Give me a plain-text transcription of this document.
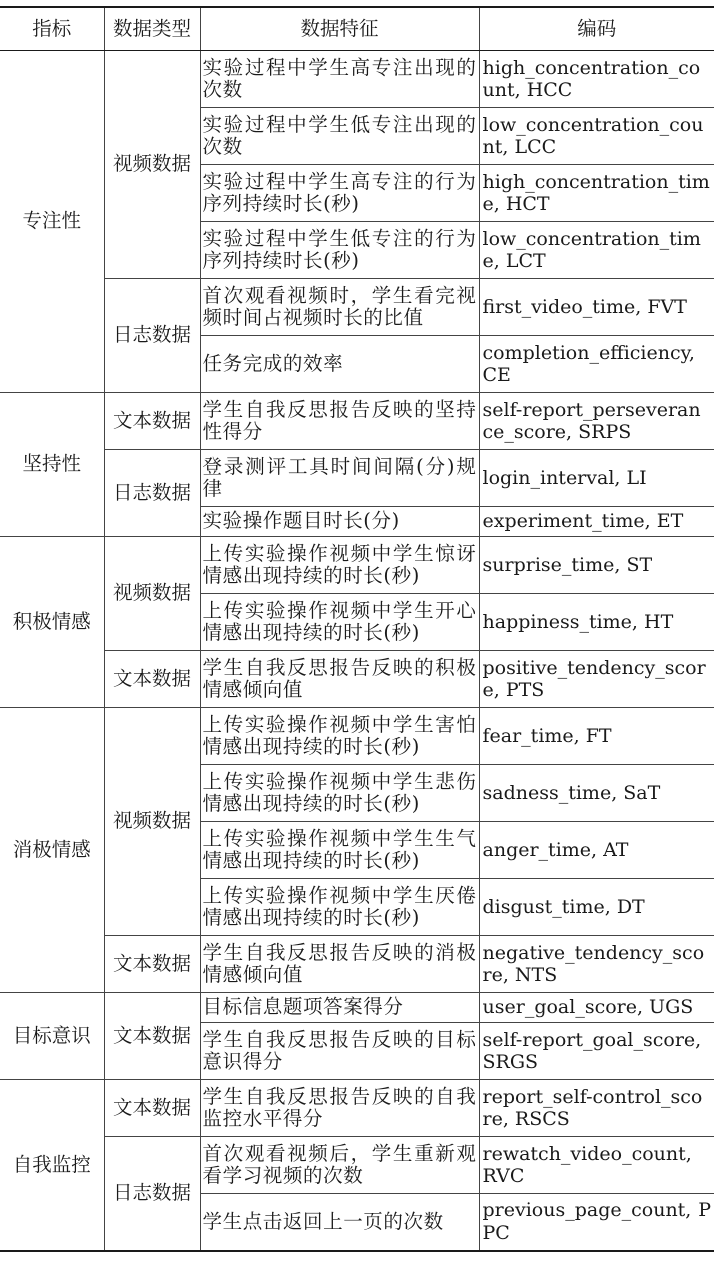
指标	数据类型	数据特征	编码
专注性	视频数据	实验过程中学生高专注出现的次数	high_concentration_count, HCC
		实验过程中学生低专注出现的次数	low_concentration_count, LCC
		实验过程中学生高专注的行为序列持续时长(秒)	high_concentration_time, HCT
		实验过程中学生低专注的行为序列持续时长(秒)	low_concentration_time, LCT
	日志数据	首次观看视频时，学生看完视频时间占视频时长的比值	first_video_time, FVT
		任务完成的效率	completion_efficiency, CE
坚持性	文本数据	学生自我反思报告反映的坚持性得分	self-report_perseverance_score, SRPS
	日志数据	登录测评工具时间间隔(分)规律	login_interval, LI
		实验操作题目时长(分)	experiment_time, ET
积极情感	视频数据	上传实验操作视频中学生惊讶情感出现持续的时长(秒)	surprise_time, ST
		上传实验操作视频中学生开心情感出现持续的时长(秒)	happiness_time, HT
	文本数据	学生自我反思报告反映的积极情感倾向值	positive_tendency_score, PTS
消极情感	视频数据	上传实验操作视频中学生害怕情感出现持续的时长(秒)	fear_time, FT
		上传实验操作视频中学生悲伤情感出现持续的时长(秒)	sadness_time, SaT
		上传实验操作视频中学生生气情感出现持续的时长(秒)	anger_time, AT
		上传实验操作视频中学生厌倦情感出现持续的时长(秒)	disgust_time, DT
	文本数据	学生自我反思报告反映的消极情感倾向值	negative_tendency_score, NTS
目标意识	文本数据	目标信息题项答案得分	user_goal_score, UGS
		学生自我反思报告反映的目标意识得分	self-report_goal_score, SRGS
自我监控	文本数据	学生自我反思报告反映的自我监控水平得分	report_self-control_score, RSCS
	日志数据	首次观看视频后，学生重新观看学习视频的次数	rewatch_video_count, RVC
		学生点击返回上一页的次数	previous_page_count, PPC
